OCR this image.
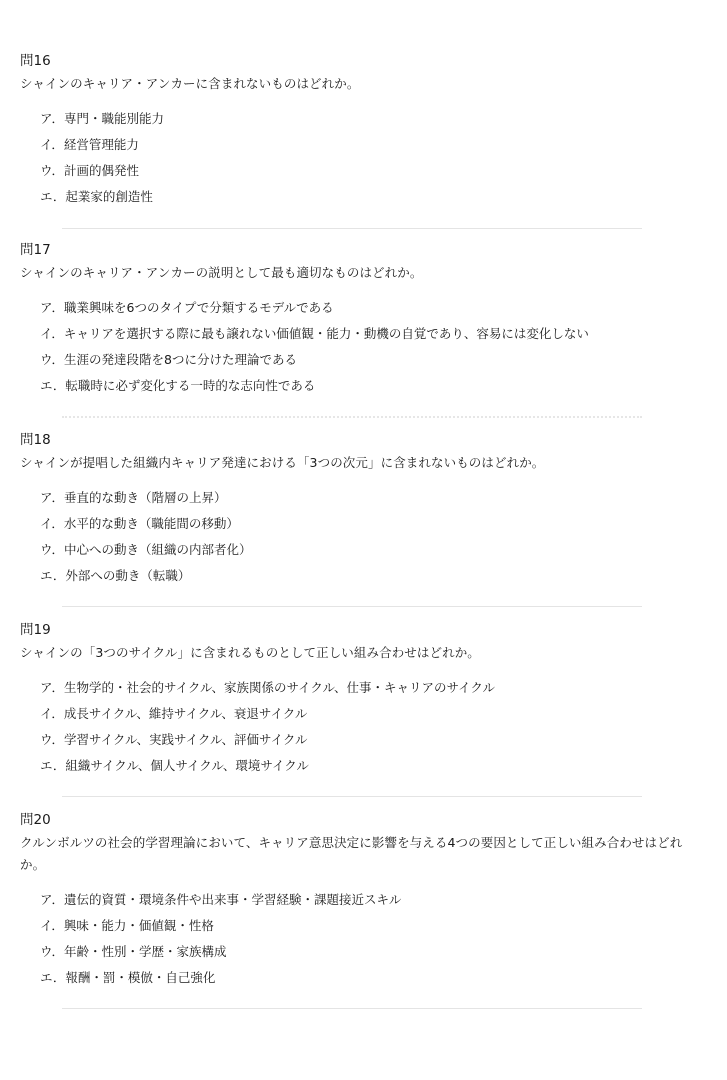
問16

シャインのキャリア・アンカーに含まれないものはどれか。

ア．専門・職能別能力
イ．経営管理能力
ウ．計画的偶発性
エ．起業家的創造性

問17

シャインのキャリア・アンカーの説明として最も適切なものはどれか。

ア．職業興味を6つのタイプで分類するモデルである
イ．キャリアを選択する際に最も譲れない価値観・能力・動機の自覚であり、容易には変化しない
ウ．生涯の発達段階を8つに分けた理論である
エ．転職時に必ず変化する一時的な志向性である

問18

シャインが提唱した組織内キャリア発達における「3つの次元」に含まれないものはどれか。

ア．垂直的な動き（階層の上昇）
イ．水平的な動き（職能間の移動）
ウ．中心への動き（組織の内部者化）
エ．外部への動き（転職）

問19

シャインの「3つのサイクル」に含まれるものとして正しい組み合わせはどれか。

ア．生物学的・社会的サイクル、家族関係のサイクル、仕事・キャリアのサイクル
イ．成長サイクル、維持サイクル、衰退サイクル
ウ．学習サイクル、実践サイクル、評価サイクル
エ．組織サイクル、個人サイクル、環境サイクル

問20

クルンボルツの社会的学習理論において、キャリア意思決定に影響を与える4つの要因として正しい組み合わせはどれか。

ア．遺伝的資質・環境条件や出来事・学習経験・課題接近スキル
イ．興味・能力・価値観・性格
ウ．年齢・性別・学歴・家族構成
エ．報酬・罰・模倣・自己強化
